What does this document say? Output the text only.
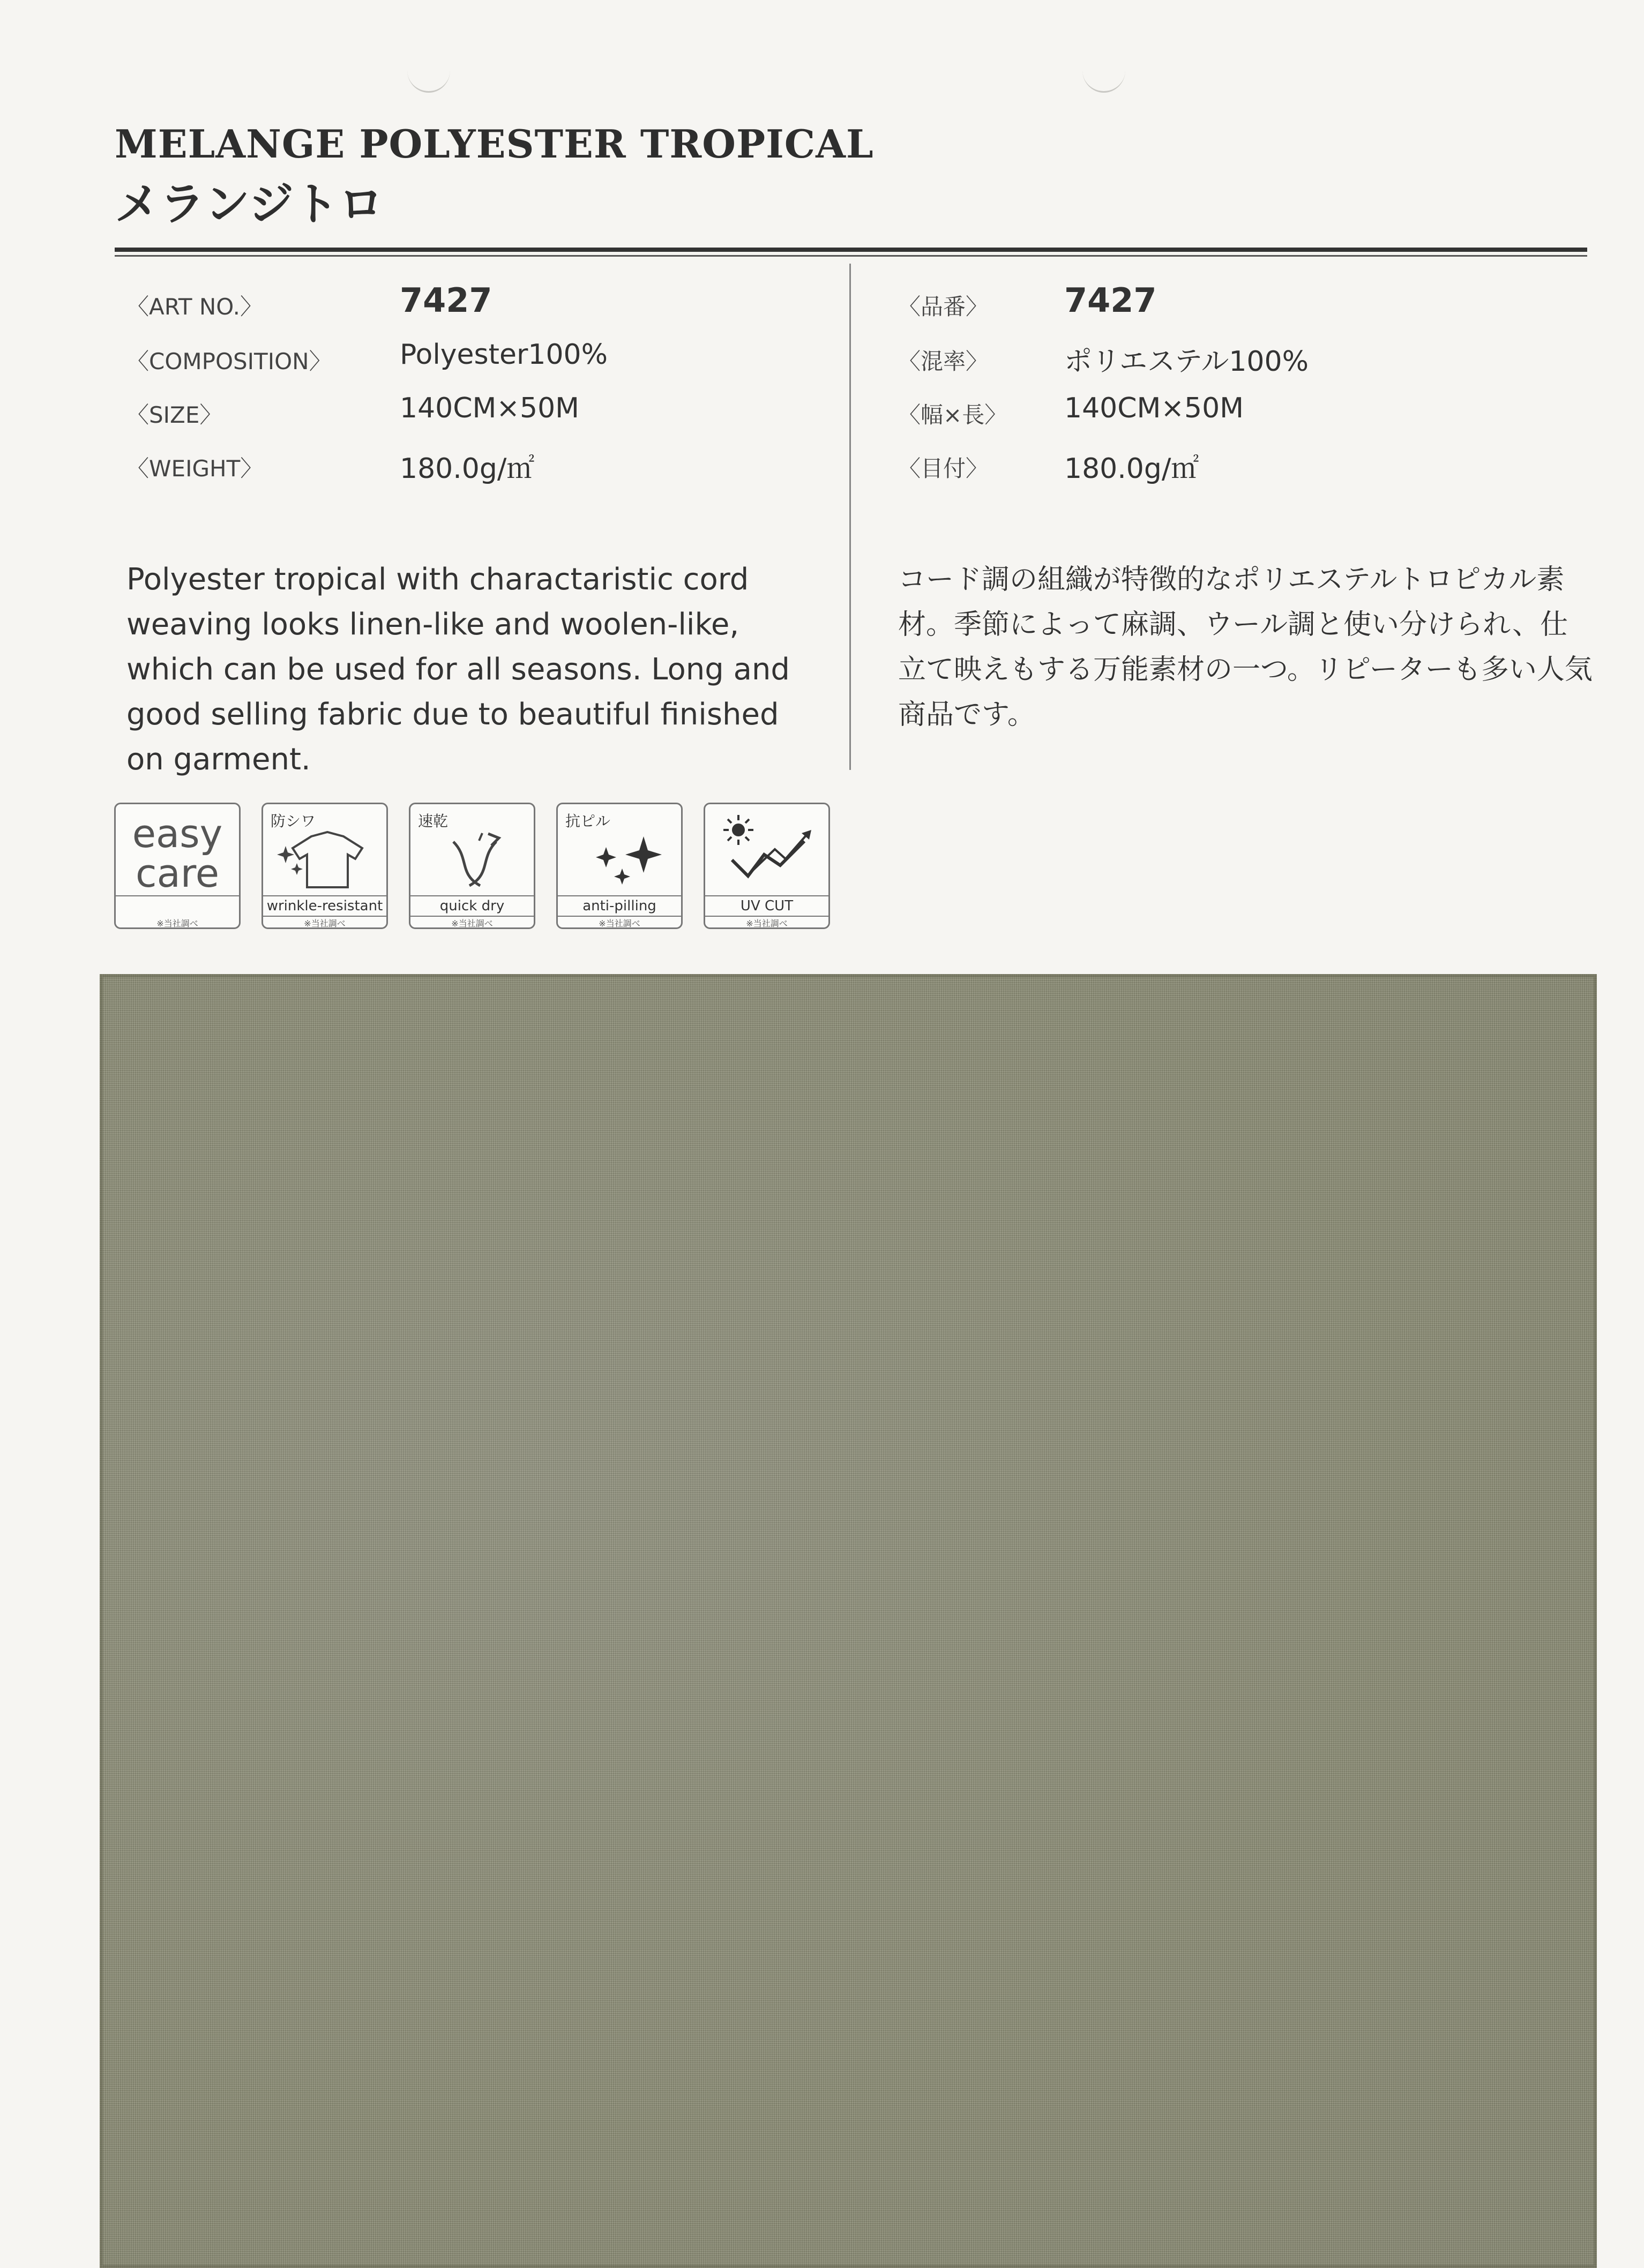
MELANGE POLYESTER TROPICAL
メランジトロ
〈ART NO.〉	7427
〈COMPOSITION〉 Polyester100%
〈SIZE〉	140CM×50M
〈WEIGHT〉	180.0g/㎡
〈品番〉 7427
〈混率〉	ポリエステル100%
〈幅×長〉 140CM×50M
〈目付〉	180.0g/㎡
Polyester tropical with charactaristic cord weaving looks linen-like and woolen-like, which can be used for all seasons. Long and good selling fabric due to beautiful finished on garment.
コード調の組織が特徴的なポリエステルトロピカル素材。季節によって麻調、ウール調と使い分けられ、仕立て映えもする万能素材の一つ。リピーターも多い人気商品です。
easy
care
※当社調べ
防シワ
wrinkle-resistant
※当社調べ
速乾
quick dry
※当社調べ
抗ピル
anti-pilling
※当社調べ
UV CUT
※当社調べ
